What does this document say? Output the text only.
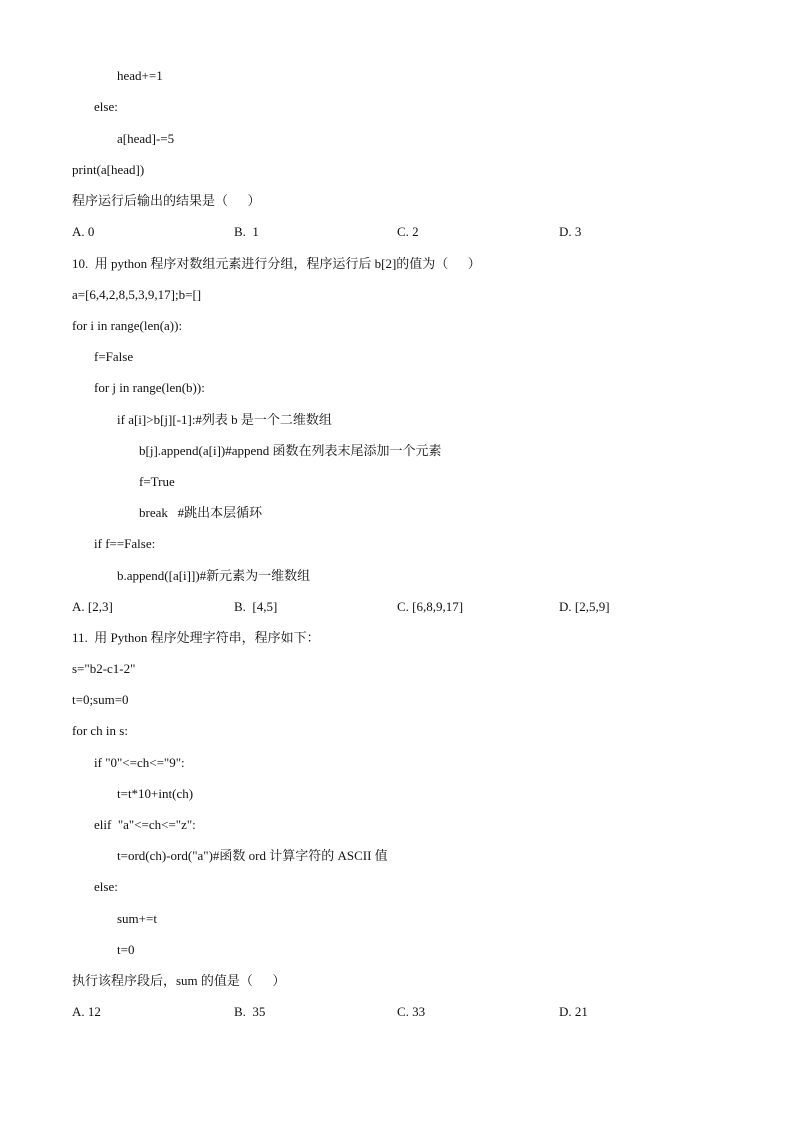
head+=1
else:
a[head]-=5
print(a[head])
程序运行后输出的结果是（      ）
A. 0	B.  1	C. 2	D. 3
10.  用 python 程序对数组元素进行分组，程序运行后 b[2]的值为（      ）
a=[6,4,2,8,5,3,9,17];b=[]
for i in range(len(a)):
f=False
for j in range(len(b)):
if a[i]>b[j][-1]:#列表 b 是一个二维数组
b[j].append(a[i])#append 函数在列表末尾添加一个元素
f=True
break   #跳出本层循环
if f==False:
b.append([a[i]])#新元素为一维数组
A. [2,3]	B.  [4,5]	C. [6,8,9,17]	D. [2,5,9]
11.  用 Python 程序处理字符串，程序如下：
s="b2-c1-2"
t=0;sum=0
for ch in s:
if "0"<=ch<="9":
t=t*10+int(ch)
elif  "a"<=ch<="z":
t=ord(ch)-ord("a")#函数 ord 计算字符的 ASCII 值
else:
sum+=t
t=0
执行该程序段后，sum 的值是（      ）
A. 12	B.  35	C. 33	D. 21
